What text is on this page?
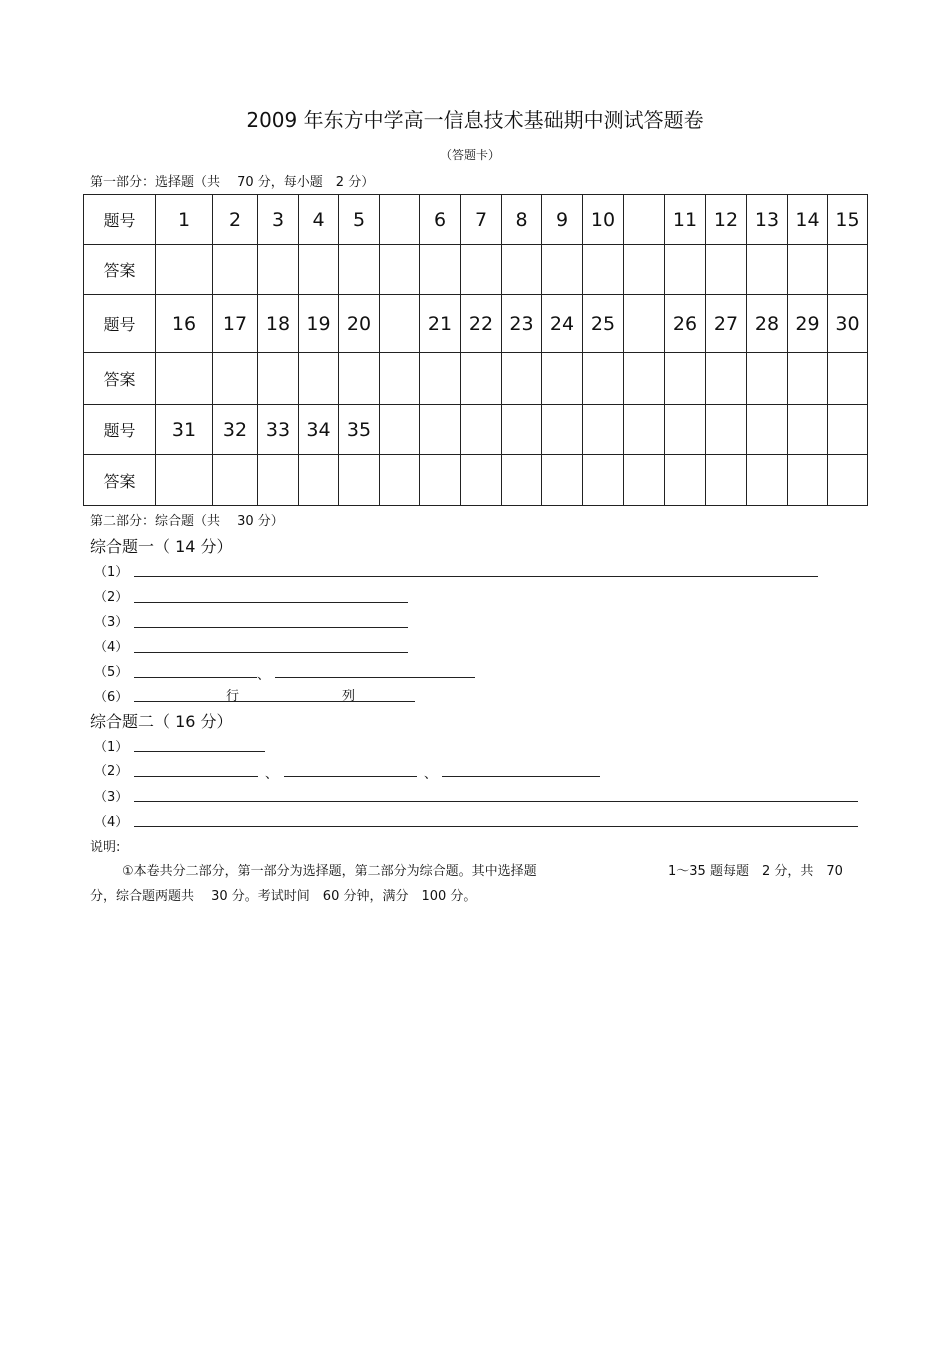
2009 年东方中学高一信息技术基础期中测试答题卷
（答题卡）
第一部分：选择题（共　 70 分，每小题　2 分）
题号	1	2	3	4	5		6	7	8	9	10		11	12	13	14	15
答案																	
题号	16	17	18	19	20		21	22	23	24	25		26	27	28	29	30
答案																	
题号	31	32	33	34	35												
答案																	
第二部分：综合题（共　 30 分）
综合题一（ 14 分）
（1）
（2）
（3）
（4）
（5）	、
（6）	行	列
综合题二（ 16 分）
（1）
（2）	、	、
（3）
（4）
说明:
①本卷共分二部分，第一部分为选择题，第二部分为综合题。其中选择题	1～35 题每题　2 分，共　70
分，综合题两题共　 30 分。考试时间　60 分钟，满分　100 分。
